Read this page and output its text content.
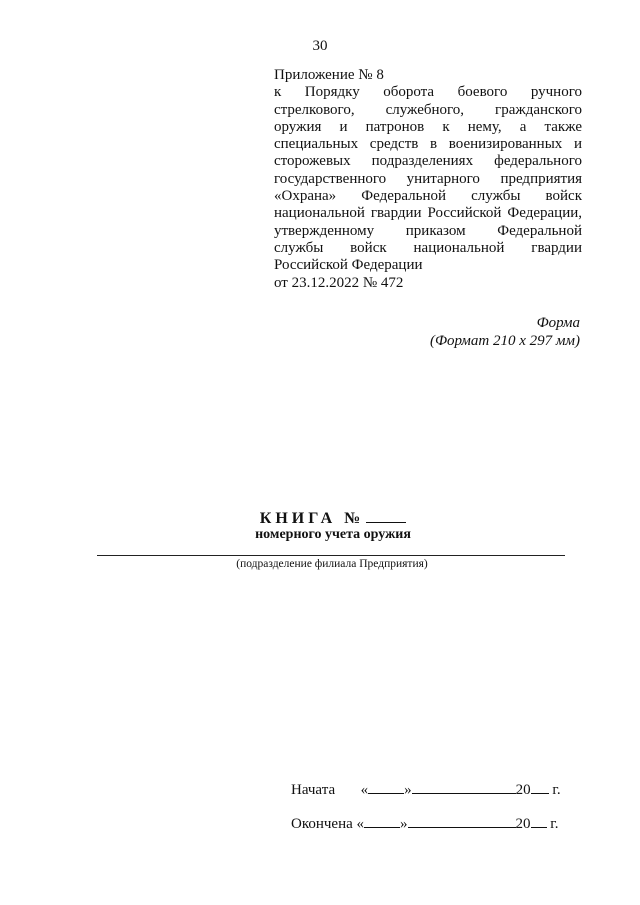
30
Приложение № 8
к Порядку оборота боевого ручного
стрелкового, служебного, гражданского
оружия и патронов к нему, а также
специальных средств в военизированных и
сторожевых подразделениях федерального
государственного унитарного предприятия
«Охрана» Федеральной службы войск
национальной гвардии Российской Федерации,
утвержденному приказом Федеральной
службы войск национальной гвардии
Российской Федерации
от 23.12.2022 № 472
Форма
(Формат 210 х 297 мм)
КНИГА №
номерного учета оружия
(подразделение филиала Предприятия)
Начата « »	20 г.
Окончена « »	20 г.
